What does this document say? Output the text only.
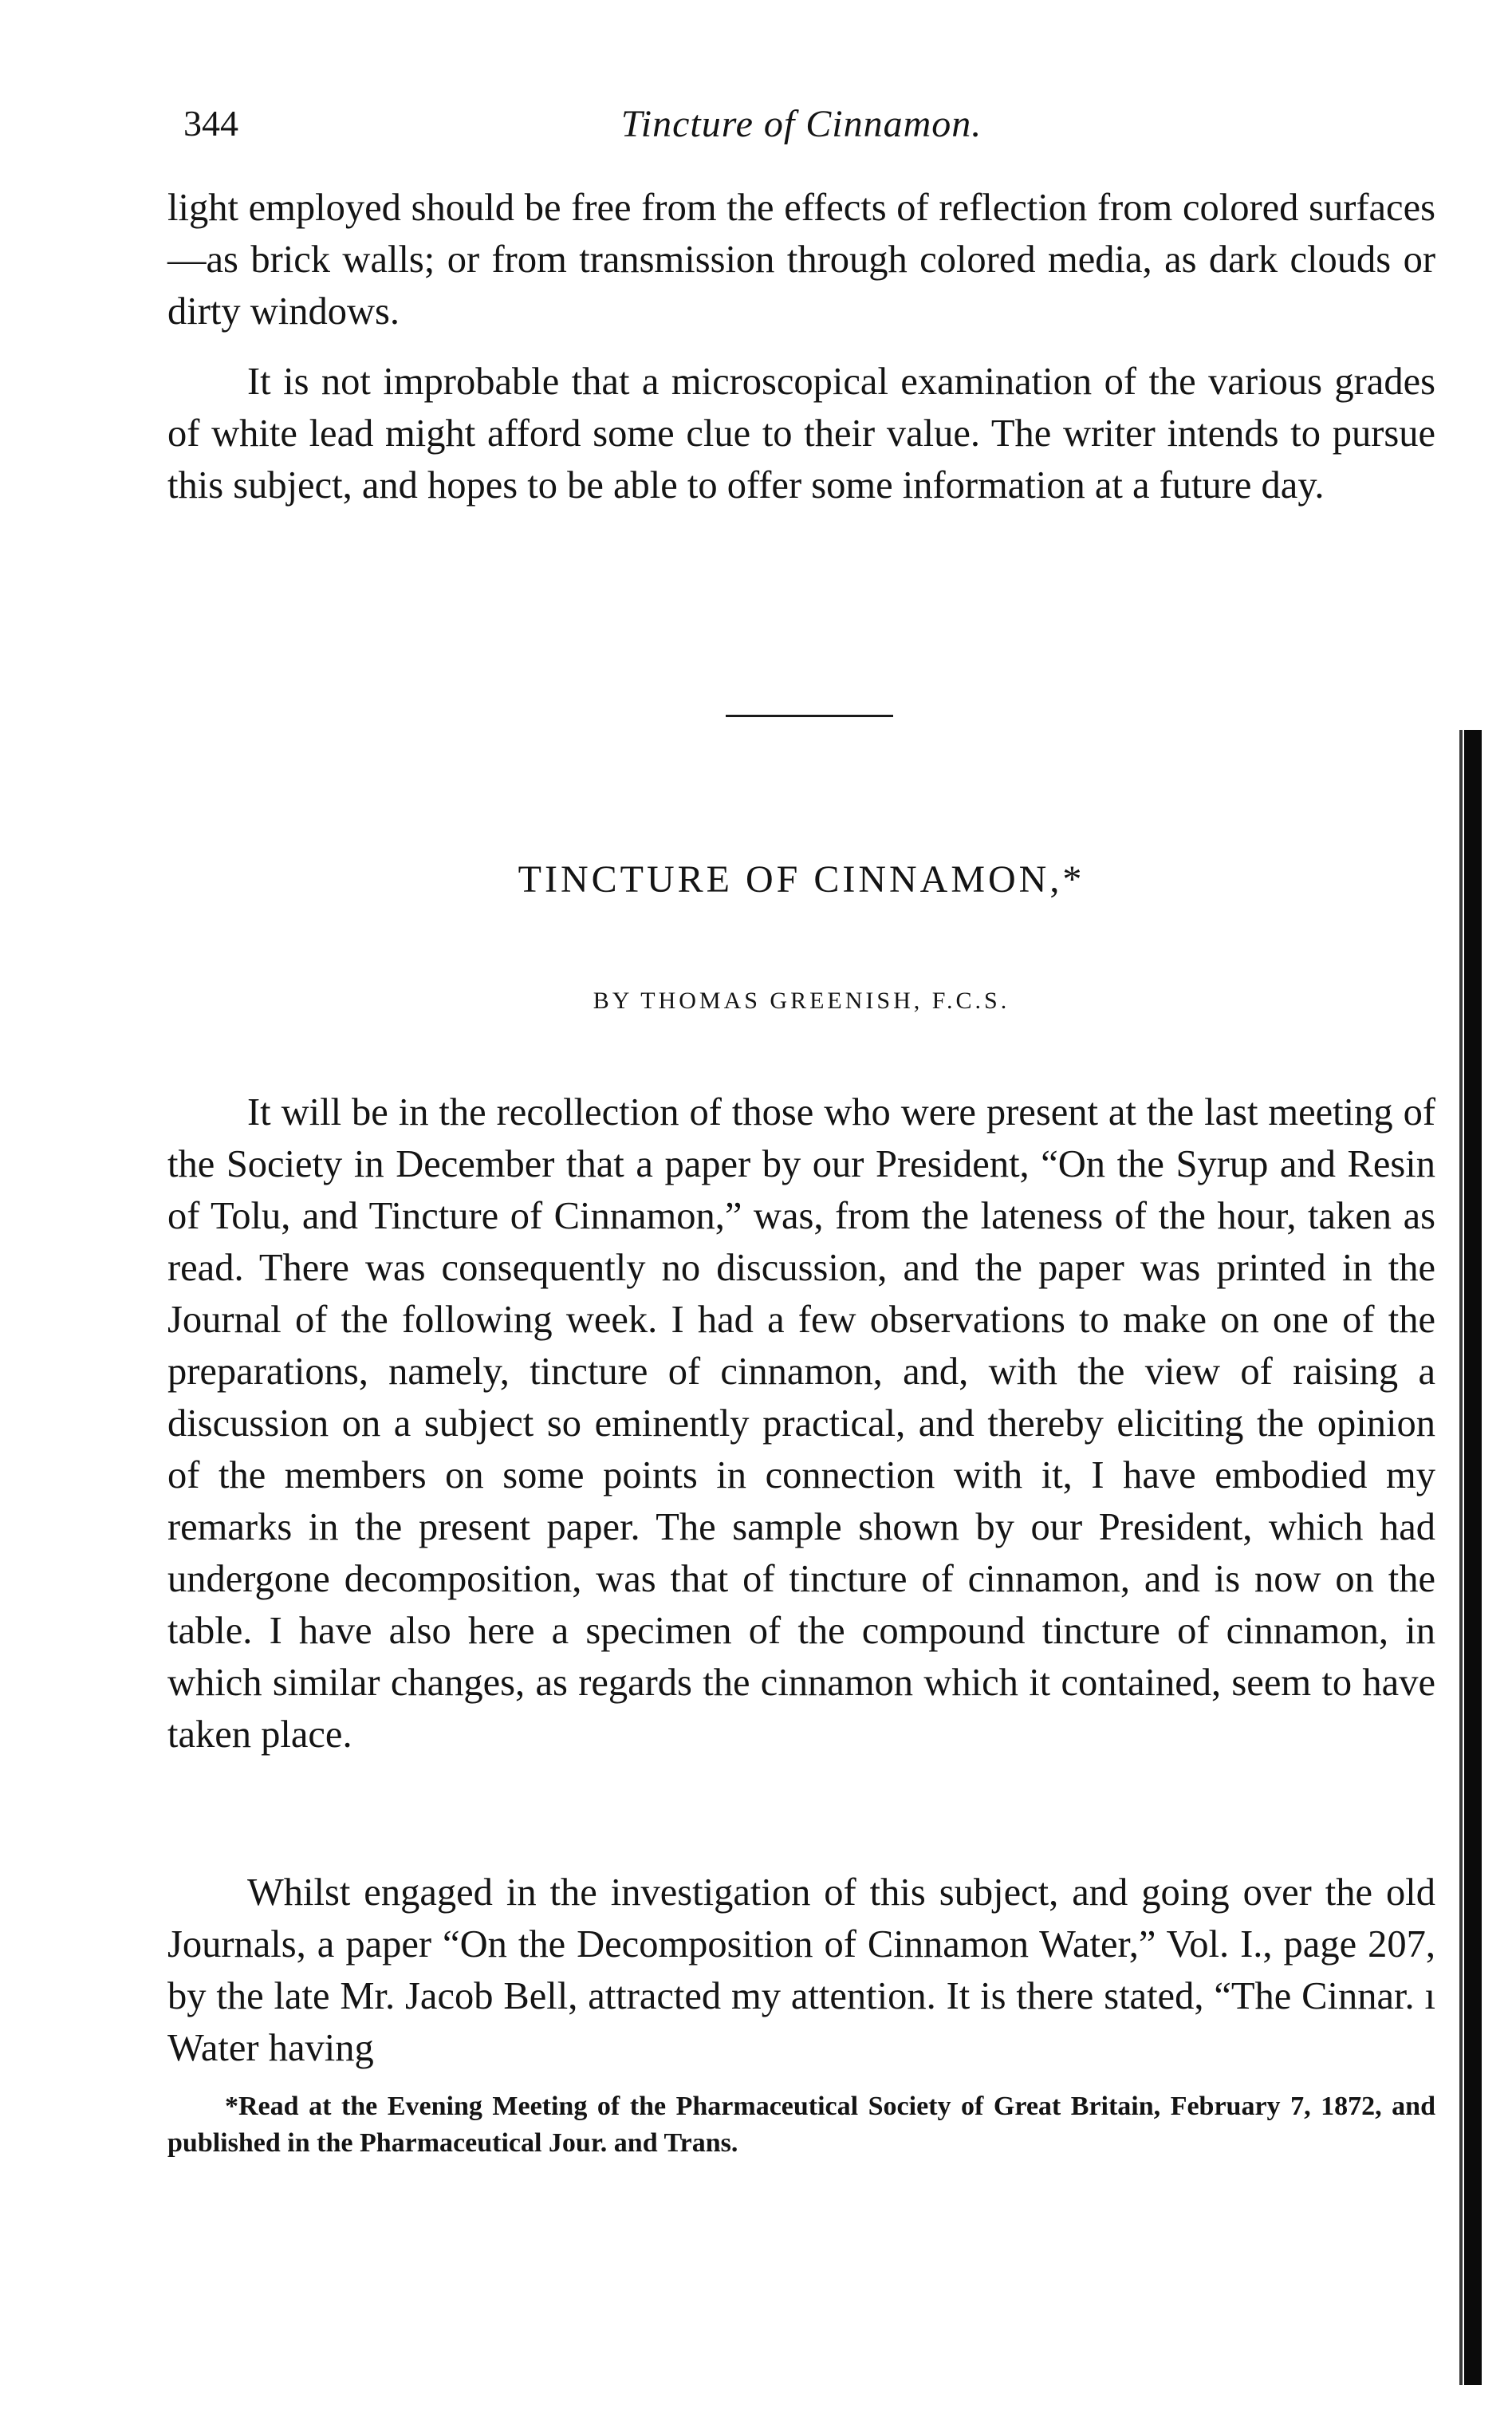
344	Tincture of Cinnamon.

light employed should be free from the effects of reflection from colored surfaces—as brick walls; or from transmission through colored media, as dark clouds or dirty windows.

It is not improbable that a microscopical examination of the various grades of white lead might afford some clue to their value. The writer intends to pursue this subject, and hopes to be able to offer some information at a future day.

TINCTURE OF CINNAMON,*
BY THOMAS GREENISH, F.C.S.

It will be in the recollection of those who were present at the last meeting of the Society in December that a paper by our President, “On the Syrup and Resin of Tolu, and Tincture of Cinnamon,” was, from the lateness of the hour, taken as read. There was consequently no discussion, and the paper was printed in the Journal of the following week. I had a few observations to make on one of the preparations, namely, tincture of cinnamon, and, with the view of raising a discussion on a subject so eminently practical, and thereby eliciting the opinion of the members on some points in connection with it, I have embodied my remarks in the present paper. The sample shown by our President, which had undergone decomposition, was that of tincture of cinnamon, and is now on the table. I have also here a specimen of the compound tincture of cinnamon, in which similar changes, as regards the cinnamon which it contained, seem to have taken place.

Whilst engaged in the investigation of this subject, and going over the old Journals, a paper “On the Decomposition of Cinnamon Water,” Vol. I., page 207, by the late Mr. Jacob Bell, attracted my attention. It is there stated, “The Cinnar. ı Water having

*Read at the Evening Meeting of the Pharmaceutical Society of Great Britain, February 7, 1872, and published in the Pharmaceutical Jour. and Trans.
